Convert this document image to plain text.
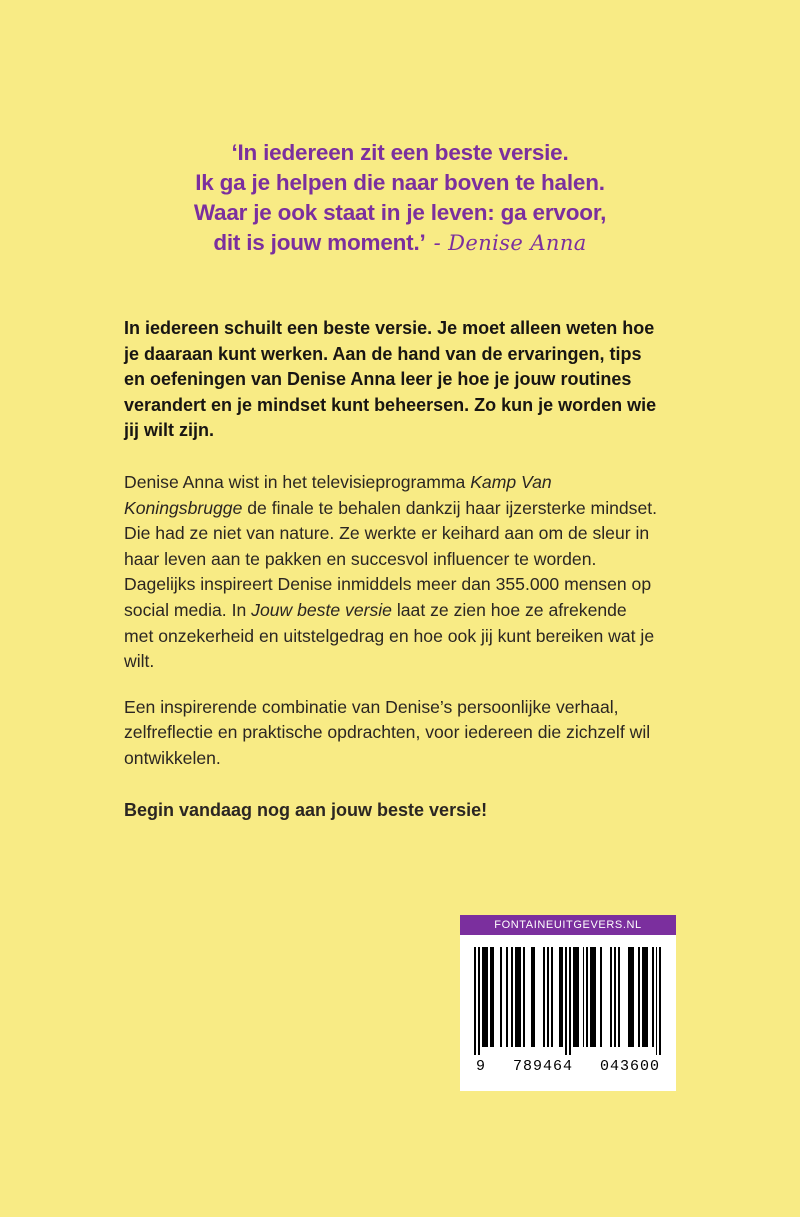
‘In iedereen zit een beste versie.
Ik ga je helpen die naar boven te halen.
Waar je ook staat in je leven: ga ervoor,
dit is jouw moment.’ - Denise Anna

In iedereen schuilt een beste versie. Je moet alleen weten hoe je daaraan kunt werken. Aan de hand van de ervaringen, tips en oefeningen van Denise Anna leer je hoe je jouw routines verandert en je mindset kunt beheersen. Zo kun je worden wie jij wilt zijn.

Denise Anna wist in het televisieprogramma Kamp Van Koningsbrugge de finale te behalen dankzij haar ijzersterke mindset. Die had ze niet van nature. Ze werkte er keihard aan om de sleur in haar leven aan te pakken en succesvol influencer te worden. Dagelijks inspireert Denise inmiddels meer dan 355.000 mensen op social media. In Jouw beste versie laat ze zien hoe ze afrekende met onzekerheid en uitstelgedrag en hoe ook jij kunt bereiken wat je wilt.

Een inspirerende combinatie van Denise’s persoonlijke verhaal, zelfreflectie en praktische opdrachten, voor iedereen die zichzelf wil ontwikkelen.

Begin vandaag nog aan jouw beste versie!

FONTAINEUITGEVERS.NL
9 789464 043600
